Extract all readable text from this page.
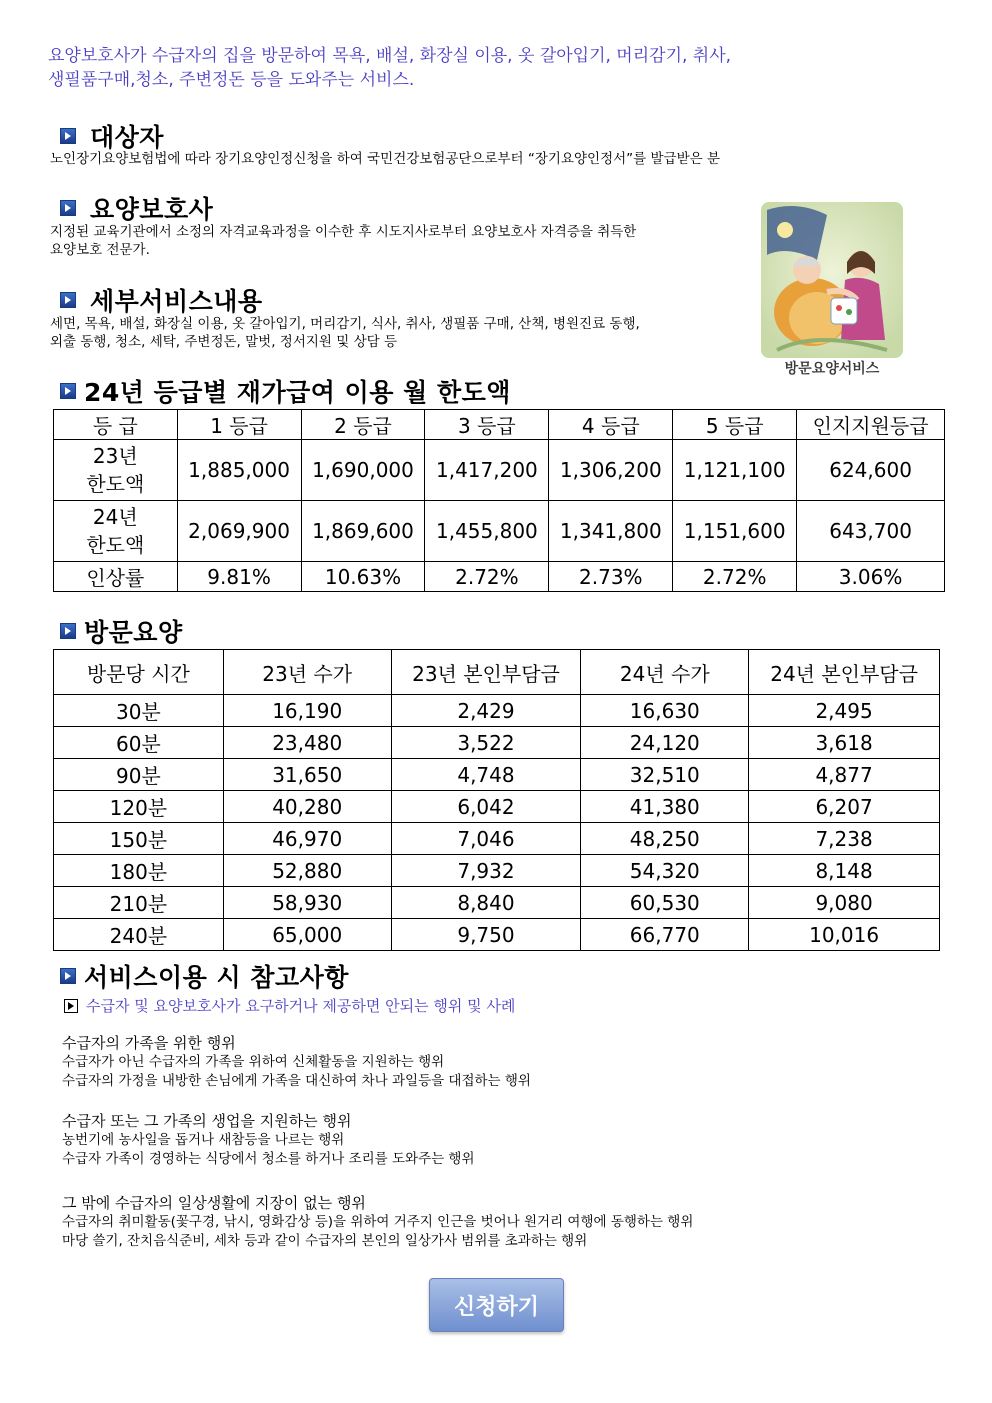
요양보호사가 수급자의 집을 방문하여 목욕, 배설, 화장실 이용, 옷 갈아입기, 머리감기, 취사,
생필품구매,청소, 주변정돈 등을 도와주는 서비스.
대상자
노인장기요양보험법에 따라 장기요양인정신청을 하여 국민건강보험공단으로부터 “장기요양인정서”를 발급받은 분
요양보호사
지정된 교육기관에서 소정의 자격교육과정을 이수한 후 시도지사로부터 요양보호사 자격증을 취득한
요양보호 전문가.
세부서비스내용
세면, 목욕, 배설, 화장실 이용, 옷 갈아입기, 머리감기, 식사, 취사, 생필품 구매, 산책, 병원진료 동행,
외출 동행, 청소, 세탁, 주변정돈, 말벗, 정서지원 및 상담 등
방문요양서비스
24년 등급별 재가급여 이용 월 한도액
등 급	1 등급	2 등급	3 등급	4 등급	5 등급	인지지원등급

23년
한도액	1,885,000	1,690,000	1,417,200	1,306,200	1,121,100	624,600

24년
한도액	2,069,900	1,869,600	1,455,800	1,341,800	1,151,600	643,700
인상률	9.81%	10.63%	2.72%	2.73%	2.72%	3.06%
방문요양
방문당 시간	23년 수가	23년 본인부담금	24년 수가	24년 본인부담금
30분	16,190	2,429	16,630	2,495
60분	23,480	3,522	24,120	3,618
90분	31,650	4,748	32,510	4,877
120분	40,280	6,042	41,380	6,207
150분	46,970	7,046	48,250	7,238
180분	52,880	7,932	54,320	8,148
210분	58,930	8,840	60,530	9,080
240분	65,000	9,750	66,770	10,016
서비스이용 시 참고사항
수급자 및 요양보호사가 요구하거나 제공하면 안되는 행위 및 사례
수급자의 가족을 위한 행위
수급자가 아닌 수급자의 가족을 위하여 신체활동을 지원하는 행위
수급자의 가정을 내방한 손님에게 가족을 대신하여 차나 과일등을 대접하는 행위
수급자 또는 그 가족의 생업을 지원하는 행위
농번기에 농사일을 돕거나 새참등을 나르는 행위
수급자 가족이 경영하는 식당에서 청소를 하거나 조리를 도와주는 행위
그 밖에 수급자의 일상생활에 지장이 없는 행위
수급자의 취미활동(꽃구경, 낚시, 영화감상 등)을 위하여 거주지 인근을 벗어나 원거리 여행에 동행하는 행위
마당 쓸기, 잔치음식준비, 세차 등과 같이 수급자의 본인의 일상가사 범위를 초과하는 행위
신청하기
